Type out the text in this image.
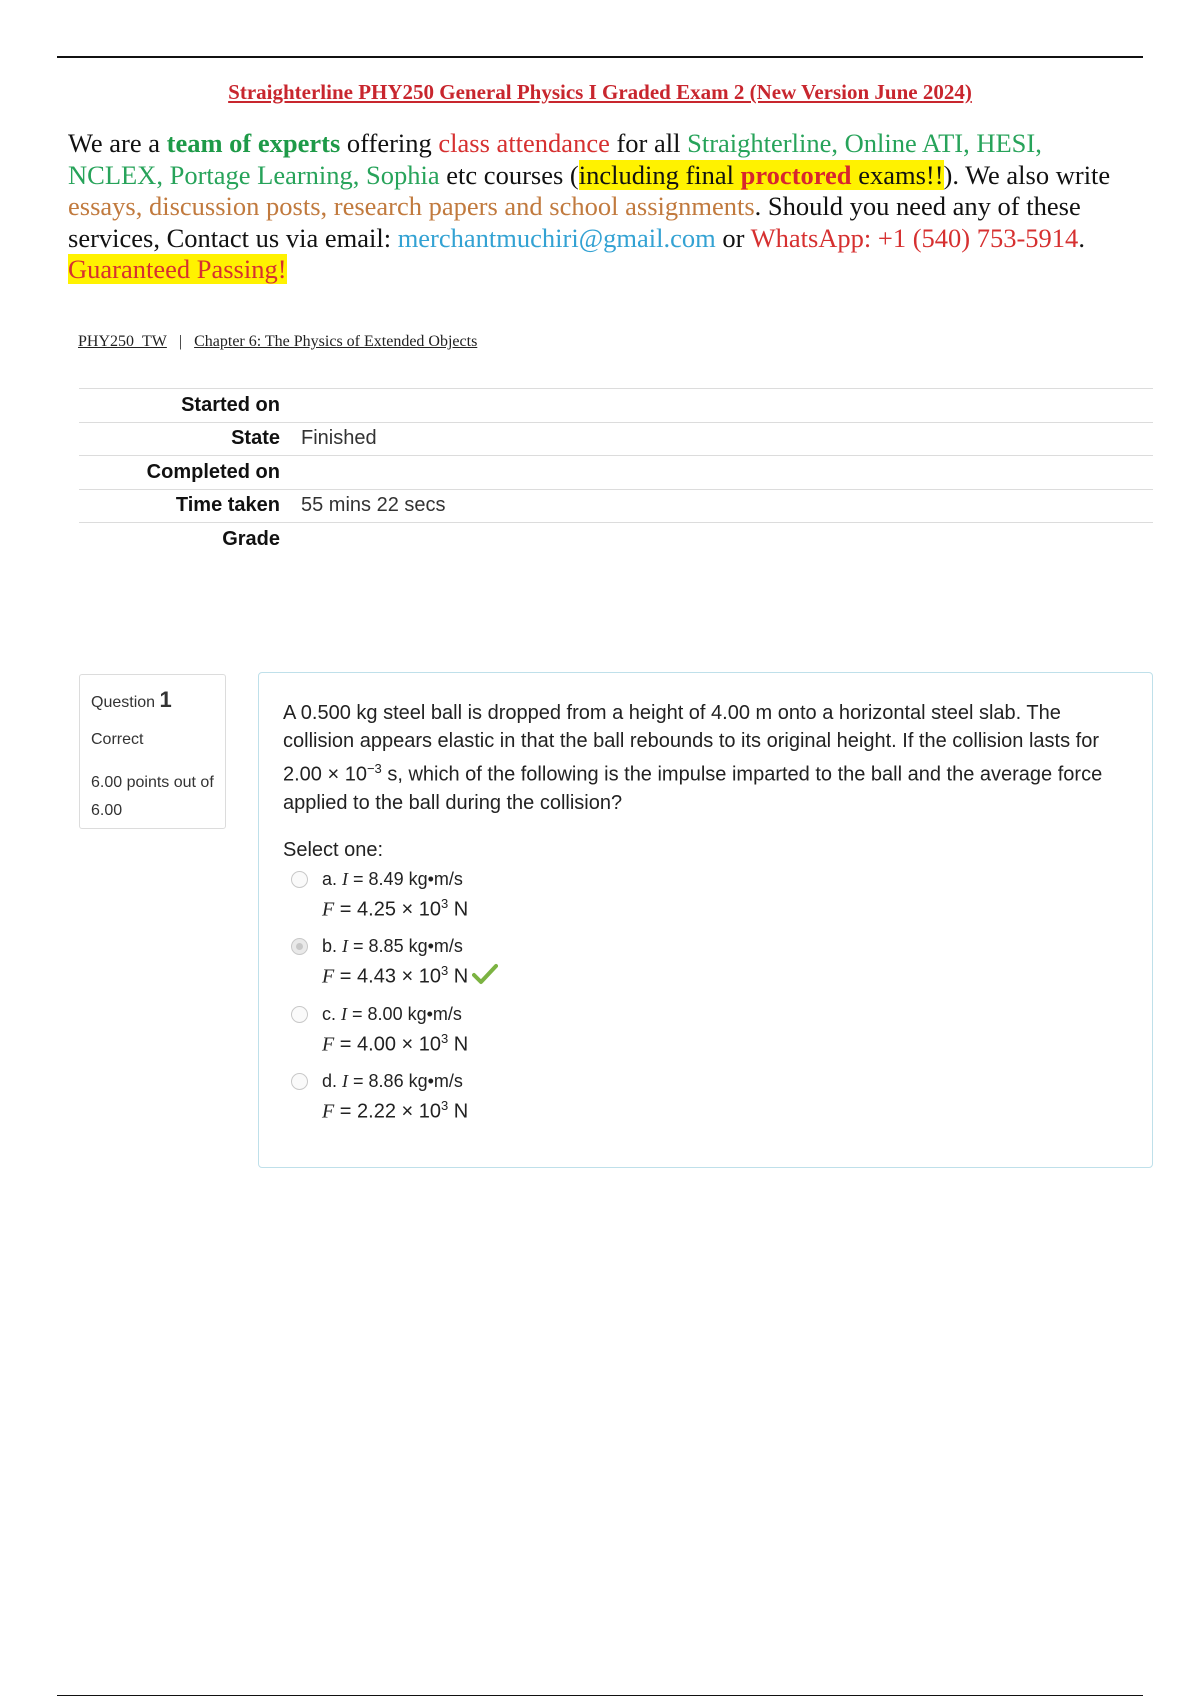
Straighterline PHY250 General Physics I Graded Exam 2 (New Version June 2024)
We are a team of experts offering class attendance for all Straighterline, Online ATI, HESI,
NCLEX, Portage Learning, Sophia etc courses (including final proctored exams!!). We also write
essays, discussion posts, research papers and school assignments. Should you need any of these
services, Contact us via email: merchantmuchiri@gmail.com or WhatsApp: +1 (540) 753-5914.
Guaranteed Passing!
PHY250_TW | Chapter 6: The Physics of Extended Objects
Started on
State	Finished
Completed on
Time taken	55 mins 22 secs
Grade
Question 1
Correct
6.00 points out of 6.00
A 0.500 kg steel ball is dropped from a height of 4.00 m onto a horizontal steel slab. The collision appears elastic in that the ball rebounds to its original height. If the collision lasts for $2.00 \times 10^{-3}$ s, which of the following is the impulse imparted to the ball and the average force applied to the ball during the collision?
Select one:
a. I = 8.49 kg•m/s
$F = 4.25 \times 10^3$ N
b. I = 8.85 kg•m/s
$F = 4.43 \times 10^3$ N
c. I = 8.00 kg•m/s
$F = 4.00 \times 10^3$ N
d. I = 8.86 kg•m/s
$F = 2.22 \times 10^3$ N
